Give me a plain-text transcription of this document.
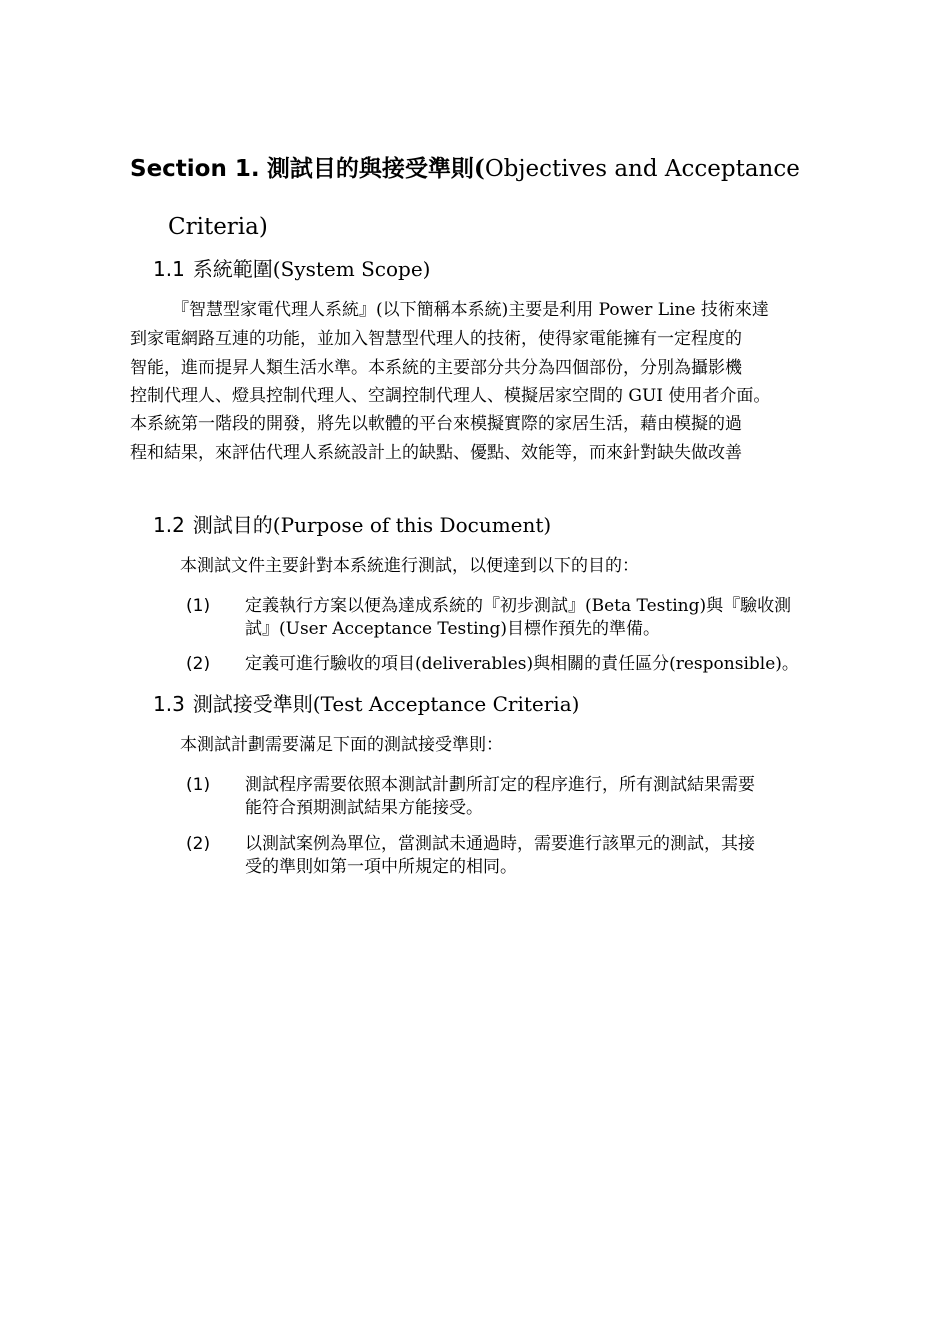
Section 1. 測試目的與接受準則(Objectives and Acceptance
Criteria)
1.1 系統範圍(System Scope)

『智慧型家電代理人系統』(以下簡稱本系統)主要是利用 Power Line 技術來達

到家電網路互連的功能，並加入智慧型代理人的技術，使得家電能擁有一定程度的

智能，進而提昇人類生活水準。本系統的主要部分共分為四個部份，分別為攝影機

控制代理人、燈具控制代理人、空調控制代理人、模擬居家空間的 GUI 使用者介面。

本系統第一階段的開發，將先以軟體的平台來模擬實際的家居生活，藉由模擬的過

程和結果，來評估代理人系統設計上的缺點、優點、效能等，而來針對缺失做改善

1.2 測試目的(Purpose of this Document)

本測試文件主要針對本系統進行測試，以便達到以下的目的：

(1) 定義執行方案以便為達成系統的『初步測試』(Beta Testing)與『驗收測
試』(User Acceptance Testing)目標作預先的準備。
(2) 定義可進行驗收的項目(deliverables)與相關的責任區分(responsible)。
1.3 測試接受準則(Test Acceptance Criteria)

本測試計劃需要滿足下面的測試接受準則：

(1) 測試程序需要依照本測試計劃所訂定的程序進行，所有測試結果需要
能符合預期測試結果方能接受。
(2) 以測試案例為單位，當測試未通過時，需要進行該單元的測試，其接
受的準則如第一項中所規定的相同。
